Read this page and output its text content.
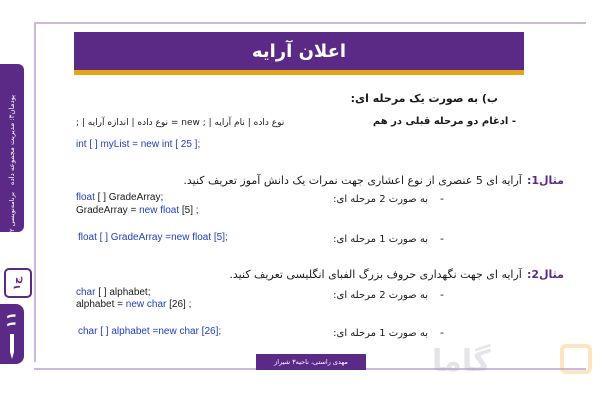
اعلان آرایه
پودمان۳: مدیریت مجموعه داده
برنامه‌نویسی ۲
ج۱
۱۱
ب) به صورت یک مرحله ای:
- ادغام دو مرحله قبلی در هم
نوع داده | نام آرایه | ; new = نوع داده | اندازه آرایه | ;
int [ ] myList = new int [ 25 ];
مثال1: آرایه ای 5 عنصری از نوع اعشاری جهت نمرات یک دانش آموز تعریف کنید.
-
به صورت 2 مرحله ای:
float [ ] GradeArray;
GradeArray = new float [5] ;
-
به صورت 1 مرحله ای:
float [ ] GradeArray =new float [5];
مثال2: آرایه ای جهت نگهداری حروف بزرگ الفبای انگلیسی تعریف کنید.
-
به صورت 2 مرحله ای:
char [ ] alphabet;
alphabet = new char [26] ;
-
به صورت 1 مرحله ای:
char [ ] alphabet =new char [26];
مهدی راستی، ناحیه۳ شیراز	گاما
